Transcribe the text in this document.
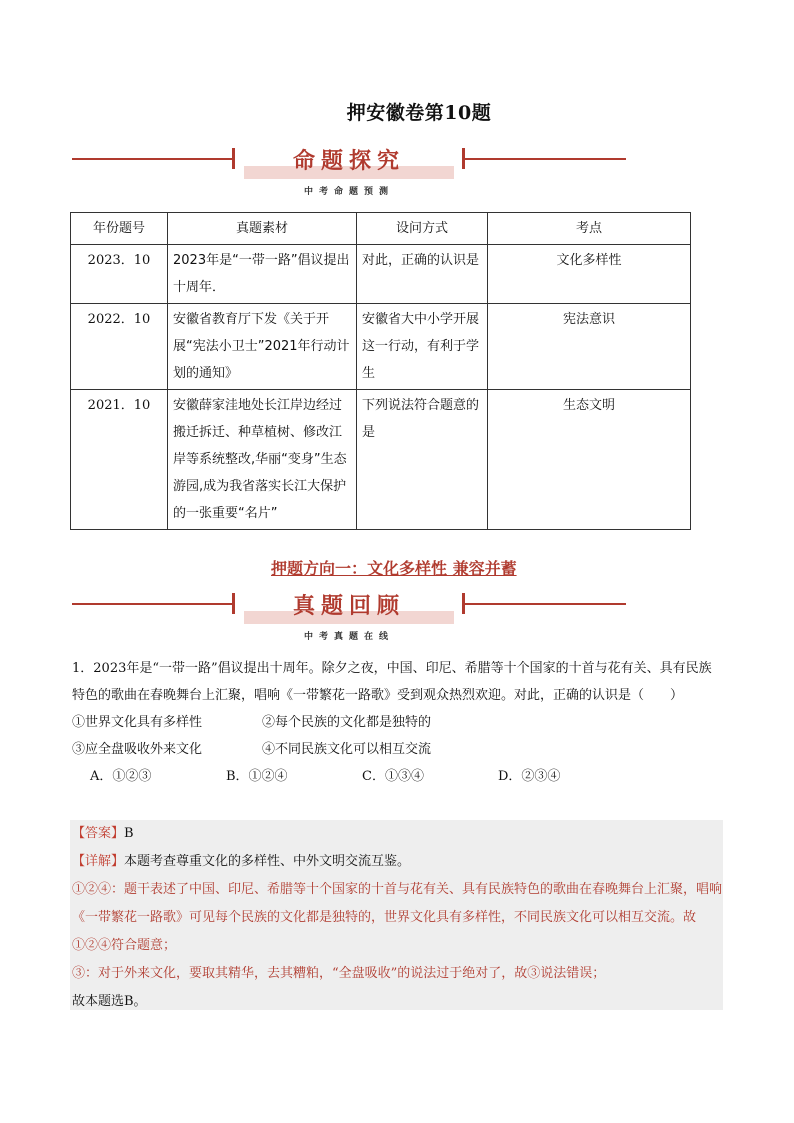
押安徽卷第10题
命题探究
中考命题预测
年份题号	真题素材	设问方式	考点
2023．10	2023年是“一带一路”倡议提出十周年．	对此，正确的认识是	文化多样性
2022．10	安徽省教育厅下发《关于开展“宪法小卫士”2021年行动计划的通知》	安徽省大中小学开展这一行动，有利于学生	宪法意识
2021．10	安徽薛家洼地处长江岸边经过搬迁拆迁、种草植树、修改江岸等系统整改,华丽“变身”生态游园,成为我省落实长江大保护的一张重要“名片”	下列说法符合题意的是	生态文明
押题方向一：文化多样性 兼容并蓄
真题回顾
中考真题在线

1．2023年是“一带一路”倡议提出十周年。除夕之夜，中国、印尼、希腊等十个国家的十首与花有关、具有民族特色的歌曲在春晚舞台上汇聚，唱响《一带繁花一路歌》受到观众热烈欢迎。对此，正确的认识是（　　）

①世界文化具有多样性	②每个民族的文化都是独特的
③应全盘吸收外来文化	④不同民族文化可以相互交流
A．①②③	B．①②④	C．①③④	D．②③④

【答案】B

【详解】本题考查尊重文化的多样性、中外文明交流互鉴。

①②④：题干表述了中国、印尼、希腊等十个国家的十首与花有关、具有民族特色的歌曲在春晚舞台上汇聚，唱响《一带繁花一路歌》可见每个民族的文化都是独特的，世界文化具有多样性，不同民族文化可以相互交流。故①②④符合题意；

③：对于外来文化，要取其精华，去其糟粕，“全盘吸收”的说法过于绝对了，故③说法错误；

故本题选B。
